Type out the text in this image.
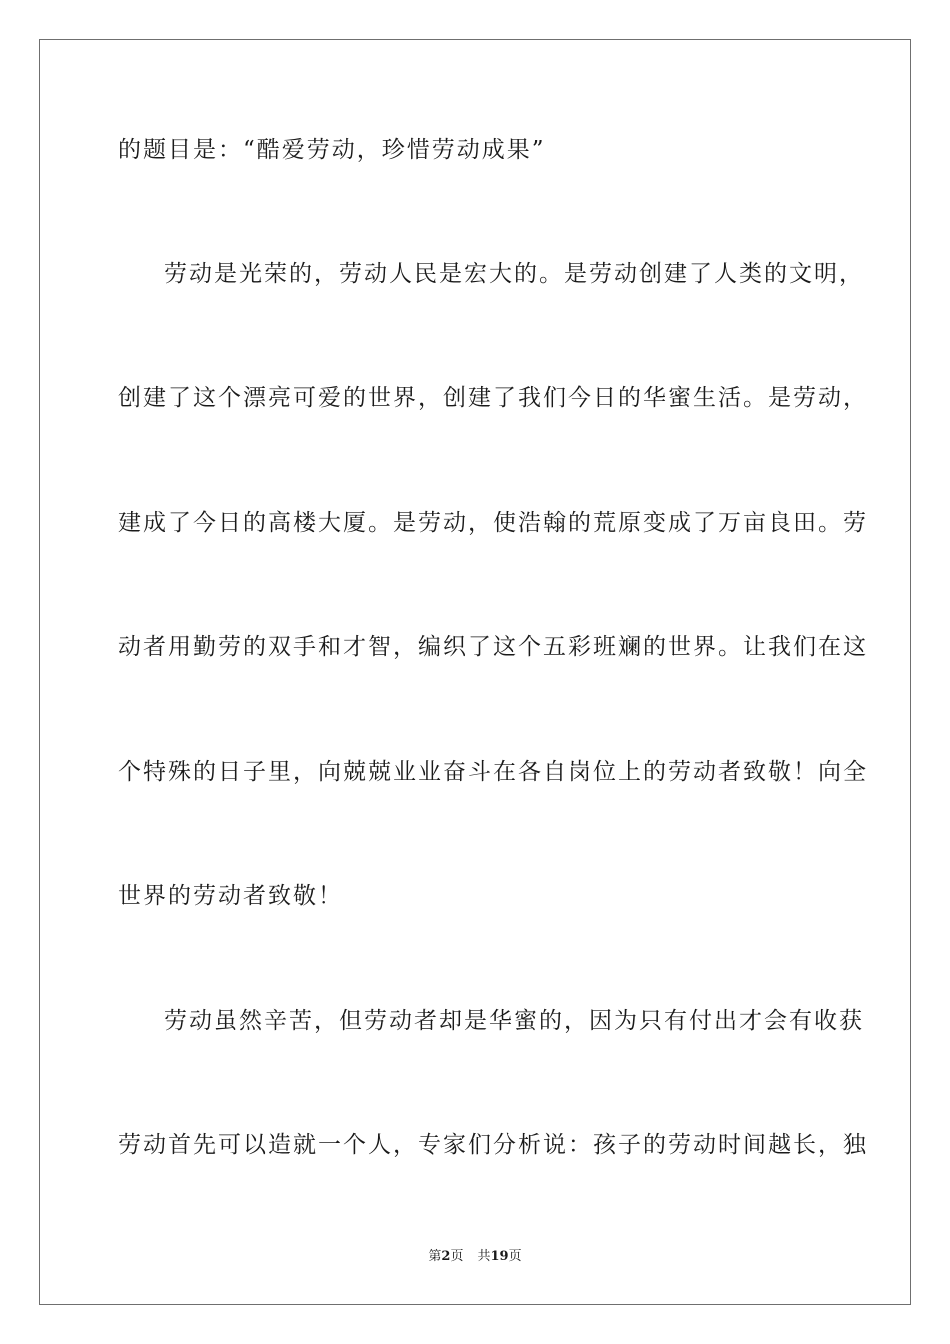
的题目是：“酷爱劳动，珍惜劳动成果”
劳动是光荣的，劳动人民是宏大的。是劳动创建了人类的文明，
创建了这个漂亮可爱的世界，创建了我们今日的华蜜生活。是劳动，
建成了今日的高楼大厦。是劳动，使浩翰的荒原变成了万亩良田。劳
动者用勤劳的双手和才智，编织了这个五彩班斓的世界。让我们在这
个特殊的日子里，向兢兢业业奋斗在各自岗位上的劳动者致敬！向全
世界的劳动者致敬！
劳动虽然辛苦，但劳动者却是华蜜的，因为只有付出才会有收获
劳动首先可以造就一个人，专家们分析说：孩子的劳动时间越长，独
第2页 共19页
